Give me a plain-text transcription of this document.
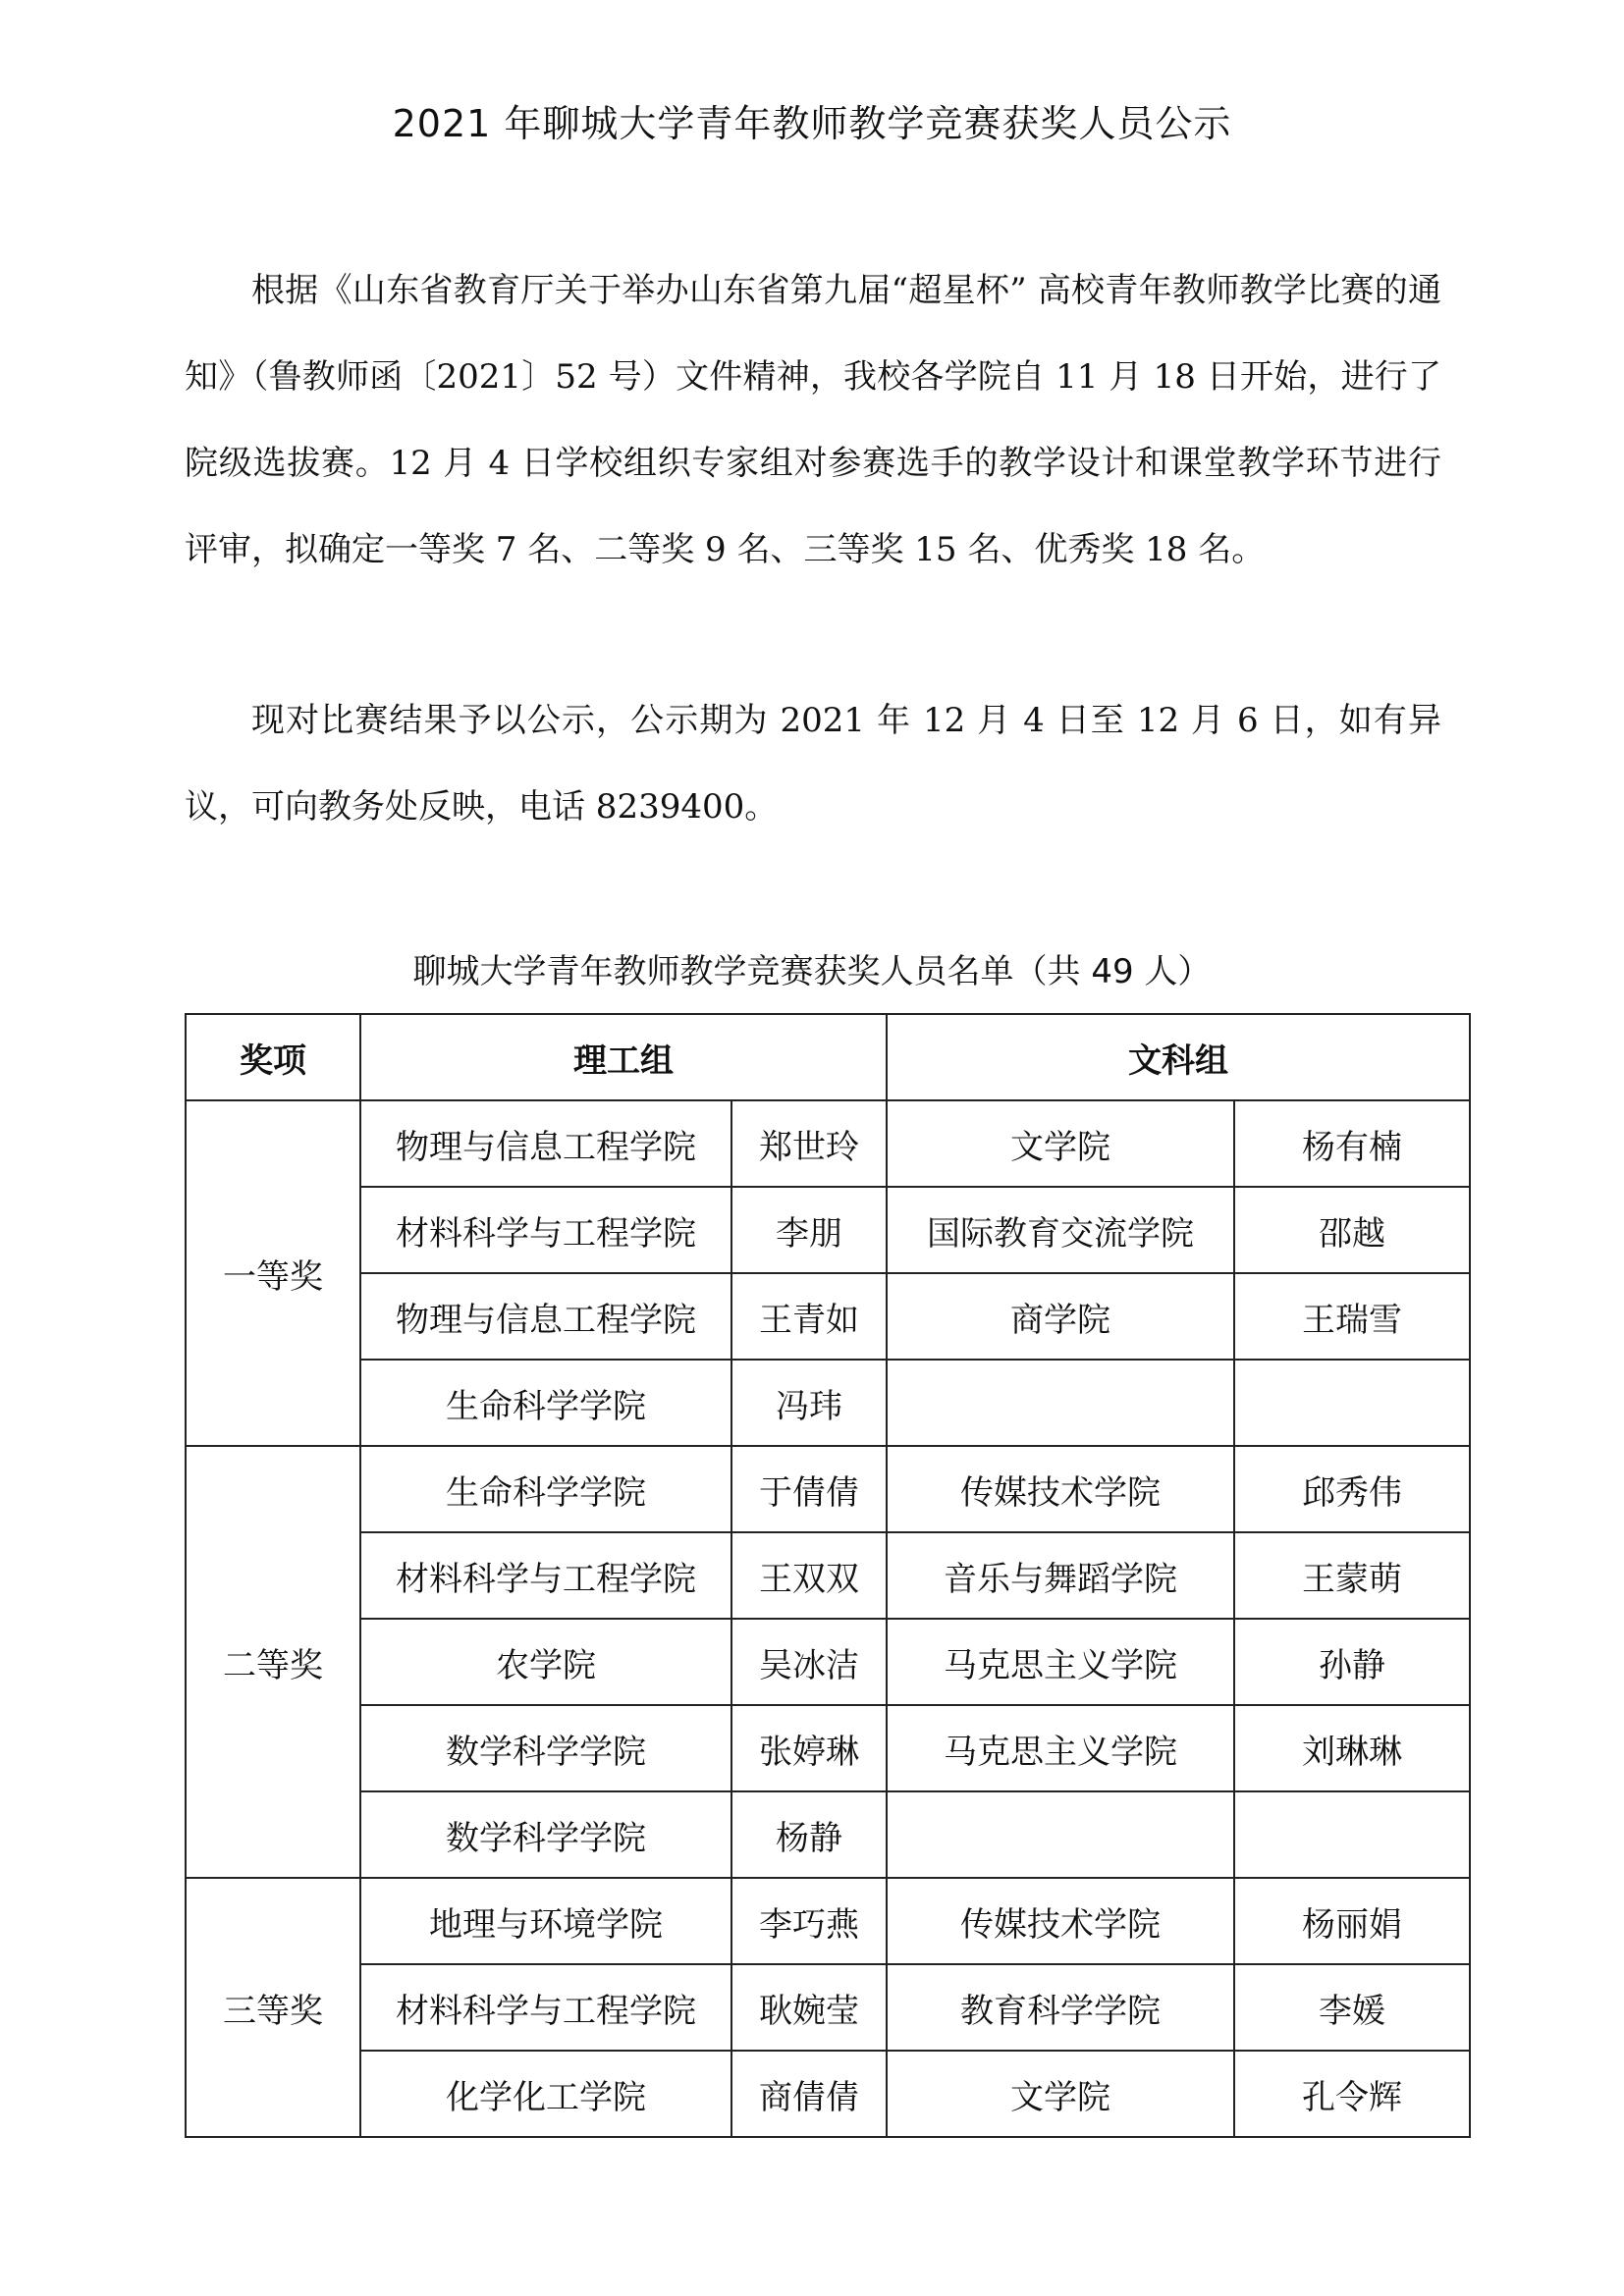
2021 年聊城大学青年教师教学竞赛获奖人员公示

根据《山东省教育厅关于举办山东省第九届“超星杯” 高校青年教师教学比赛的通知》（鲁教师函〔2021〕52 号）文件精神，我校各学院自 11 月 18 日开始，进行了院级选拔赛。12 月 4 日学校组织专家组对参赛选手的教学设计和课堂教学环节进行评审，拟确定一等奖 7 名、二等奖 9 名、三等奖 15 名、优秀奖 18 名。

现对比赛结果予以公示，公示期为 2021 年 12 月 4 日至 12 月 6 日，如有异议，可向教务处反映，电话 8239400。

聊城大学青年教师教学竞赛获奖人员名单（共 49 人）
奖项	理工组		文科组	
一等奖	物理与信息工程学院	郑世玲	文学院	杨有楠
	材料科学与工程学院	李朋	国际教育交流学院	邵越
	物理与信息工程学院	王青如	商学院	王瑞雪
	生命科学学院	冯玮		
二等奖	生命科学学院	于倩倩	传媒技术学院	邱秀伟
	材料科学与工程学院	王双双	音乐与舞蹈学院	王蒙萌
	农学院	吴冰洁	马克思主义学院	孙静
	数学科学学院	张婷琳	马克思主义学院	刘琳琳
	数学科学学院	杨静		
三等奖	地理与环境学院	李巧燕	传媒技术学院	杨丽娟
	材料科学与工程学院	耿婉莹	教育科学学院	李媛
	化学化工学院	商倩倩	文学院	孔令辉
